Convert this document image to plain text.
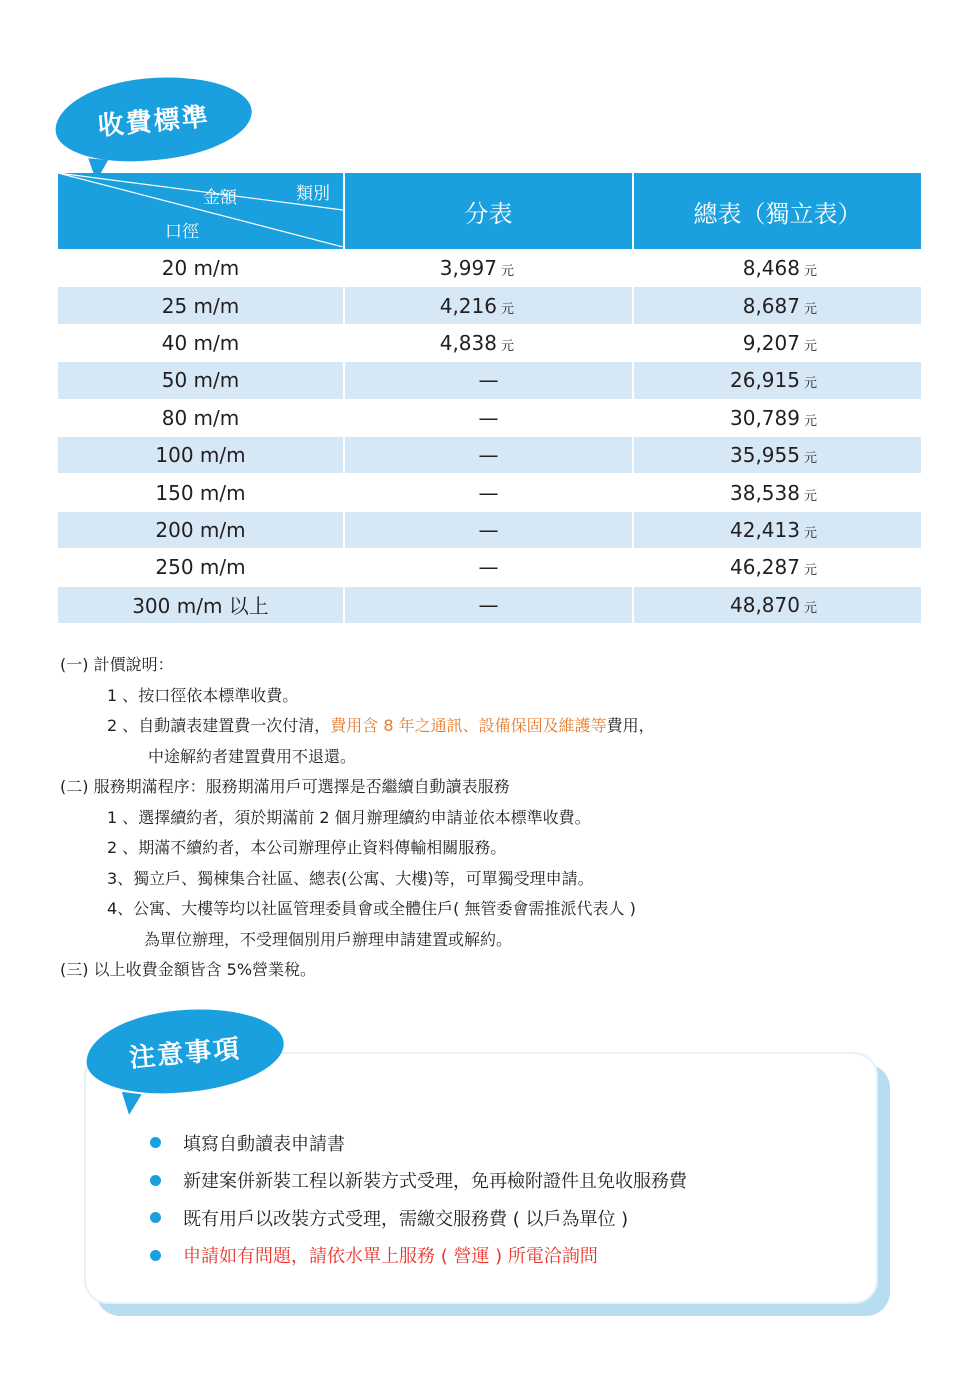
收費標準
類別
金額
口徑	分表	總表（獨立表）
20 m/m	3,997 元	8,468 元
25 m/m	4,216 元	8,687 元
40 m/m	4,838 元	9,207 元
50 m/m	—	26,915 元
80 m/m	—	30,789 元
100 m/m	—	35,955 元
150 m/m	—	38,538 元
200 m/m	—	42,413 元
250 m/m	—	46,287 元
300 m/m 以上	—	48,870 元
(一) 計價說明：
1 、按口徑依本標準收費。
2 、自動讀表建置費一次付清，費用含 8 年之通訊、設備保固及維護等費用，
中途解約者建置費用不退還。
(二) 服務期滿程序：服務期滿用戶可選擇是否繼續自動讀表服務
1 、選擇續約者，須於期滿前 2 個月辦理續約申請並依本標準收費。
2 、期滿不續約者，本公司辦理停止資料傳輸相關服務。
3、獨立戶、獨棟集合社區、總表(公寓、大樓)等，可單獨受理申請。
4、公寓、大樓等均以社區管理委員會或全體住戶( 無管委會需推派代表人 )
為單位辦理，不受理個別用戶辦理申請建置或解約。
(三) 以上收費金額皆含 5%營業稅。
注意事項
填寫自動讀表申請書
新建案併新裝工程以新裝方式受理，免再檢附證件且免收服務費
既有用戶以改裝方式受理，需繳交服務費 ( 以戶為單位 )
申請如有問題，請依水單上服務 ( 營運 ) 所電洽詢問
